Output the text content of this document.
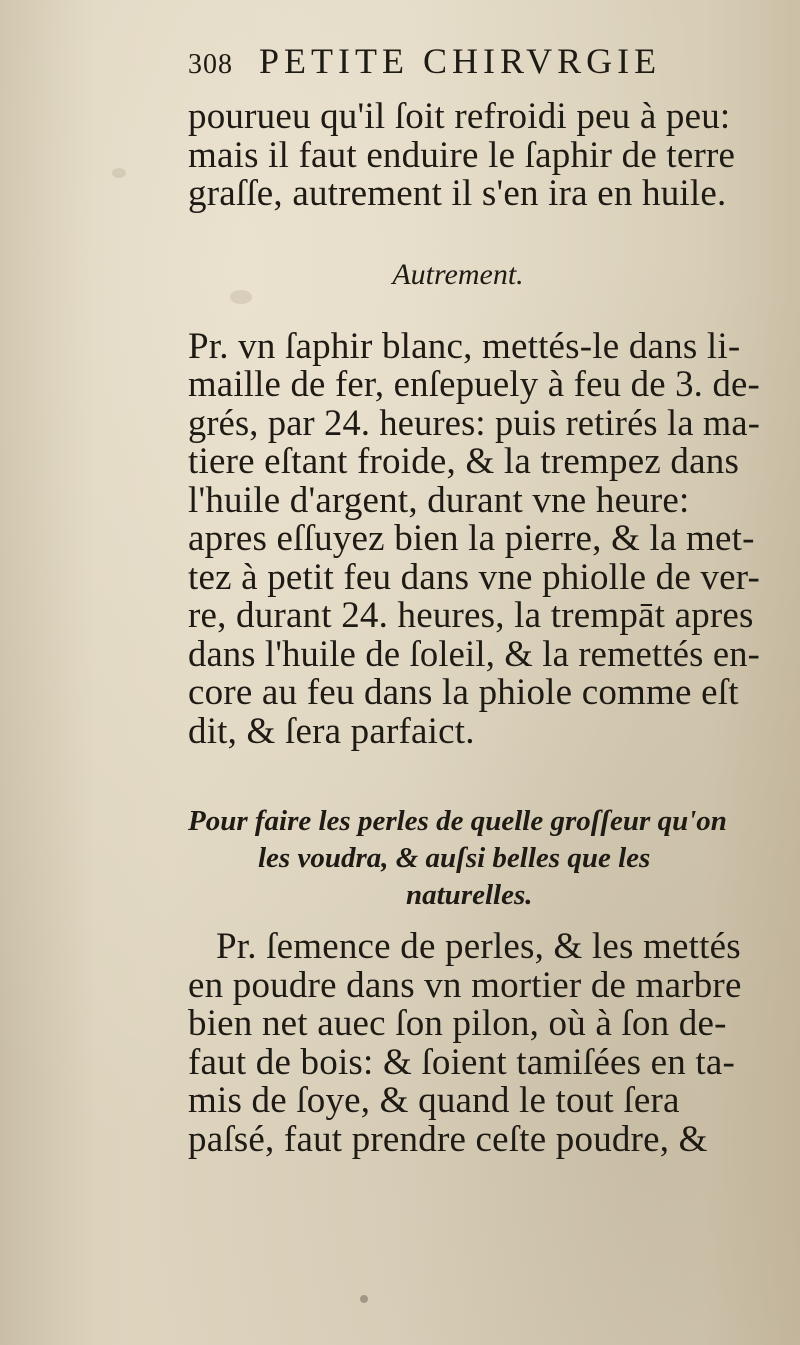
308 PETITE CHIRVRGIE
pourueu qu'il ſoit refroidi peu à peu:
mais il faut enduire le ſaphir de terre
graſſe, autrement il s'en ira en huile.
Autrement.
Pr. vn ſaphir blanc, mettés-le dans li-
maille de fer, enſepuely à feu de 3. de-
grés, par 24. heures: puis retirés la ma-
tiere eſtant froide, & la trempez dans
l'huile d'argent, durant vne heure:
apres eſſuyez bien la pierre, & la met-
tez à petit feu dans vne phiolle de ver-
re, durant 24. heures, la trempāt apres
dans l'huile de ſoleil, & la remettés en-
core au feu dans la phiole comme eſt
dit, & ſera parfaict.
Pour faire les perles de quelle groſſeur qu'on
les voudra, & auſsi belles que les
naturelles.
Pr. ſemence de perles, & les mettés
en poudre dans vn mortier de marbre
bien net auec ſon pilon, où à ſon de-
faut de bois: & ſoient tamiſées en ta-
mis de ſoye, & quand le tout ſera
paſsé, faut prendre ceſte poudre, &
